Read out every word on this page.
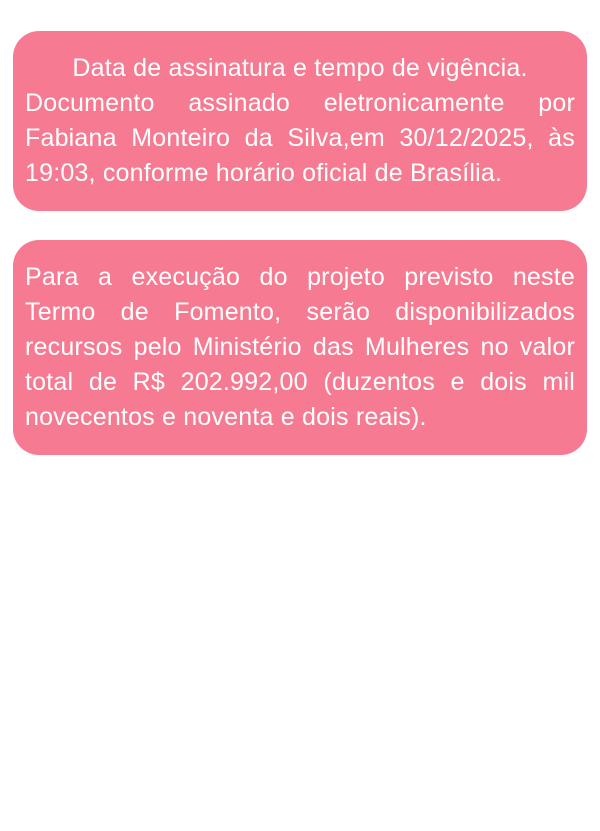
Data de assinatura e tempo de vigência.

Documento assinado eletronicamente por

Fabiana Monteiro da Silva,em 30/12/2025, às

19:03, conforme horário oficial de Brasília.

Para a execução do projeto previsto neste

Termo de Fomento, serão disponibilizados

recursos pelo Ministério das Mulheres no valor

total de R$ 202.992,00 (duzentos e dois mil

novecentos e noventa e dois reais).
